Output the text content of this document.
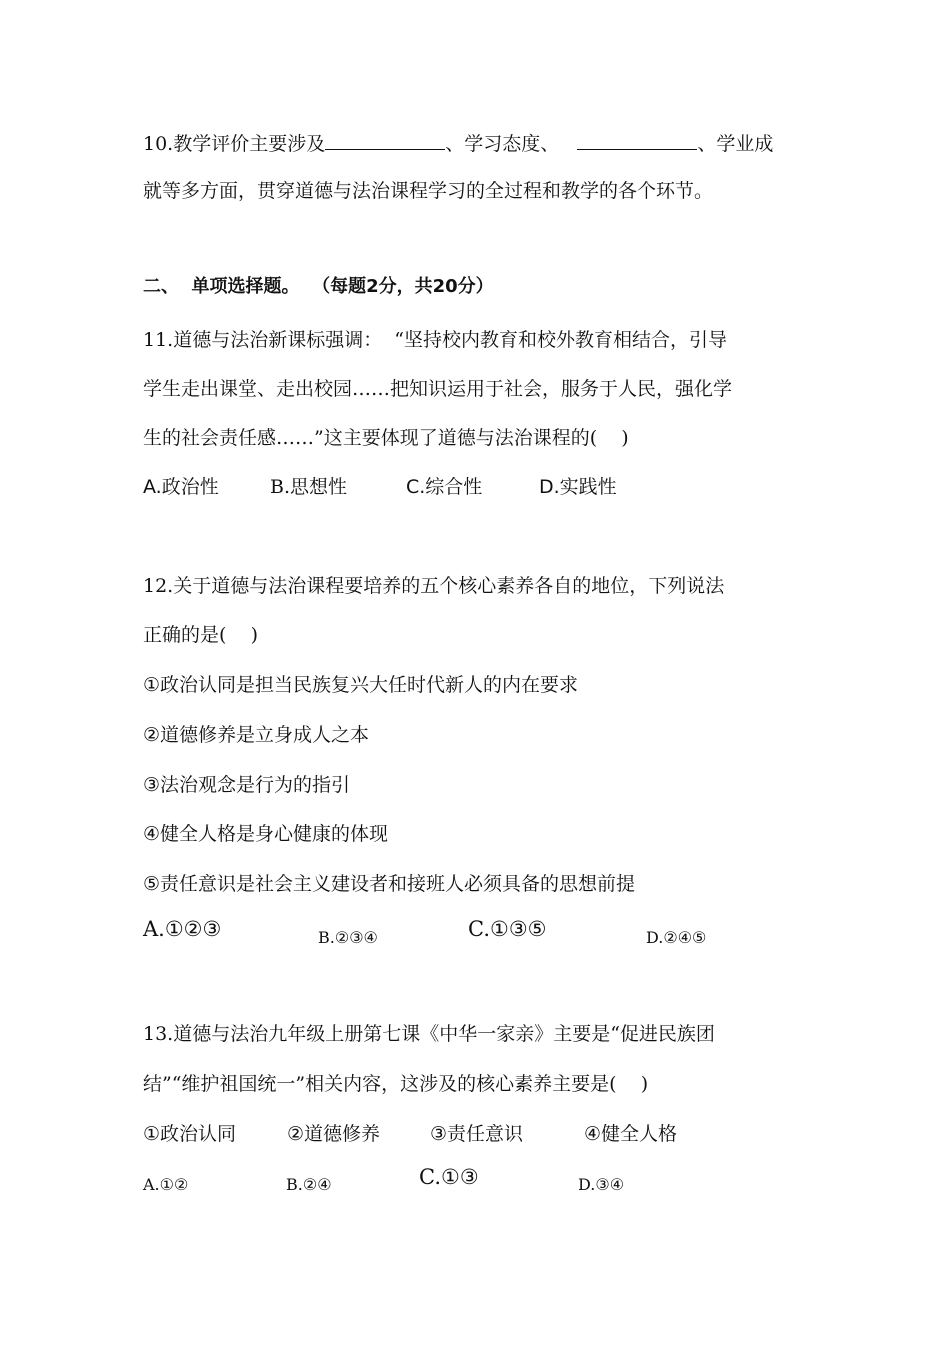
10.教学评价主要涉及	、学习态度、	、学业成
就等多方面，贯穿道德与法治课程学习的全过程和教学的各个环节。
二、  单项选择题。  （每题2分，共20分）
11.道德与法治新课标强调：  “坚持校内教育和校外教育相结合，引导
学生走出课堂、走出校园……把知识运用于社会，服务于人民，强化学
生的社会责任感……”这主要体现了道德与法治课程的(    )
A.政治性	B.思想性	C.综合性	D.实践性
12.关于道德与法治课程要培养的五个核心素养各自的地位，下列说法
正确的是(    )
①政治认同是担当民族复兴大任时代新人的内在要求
②道德修养是立身成人之本
③法治观念是行为的指引
④健全人格是身心健康的体现
⑤责任意识是社会主义建设者和接班人必须具备的思想前提
A.①②③	B.②③④	C.①③⑤	D.②④⑤
13.道德与法治九年级上册第七课《中华一家亲》主要是“促进民族团
结”“维护祖国统一”相关内容，这涉及的核心素养主要是(    )
①政治认同	②道德修养	③责任意识	④健全人格
A.①②	B.②④	C.①③	D.③④
